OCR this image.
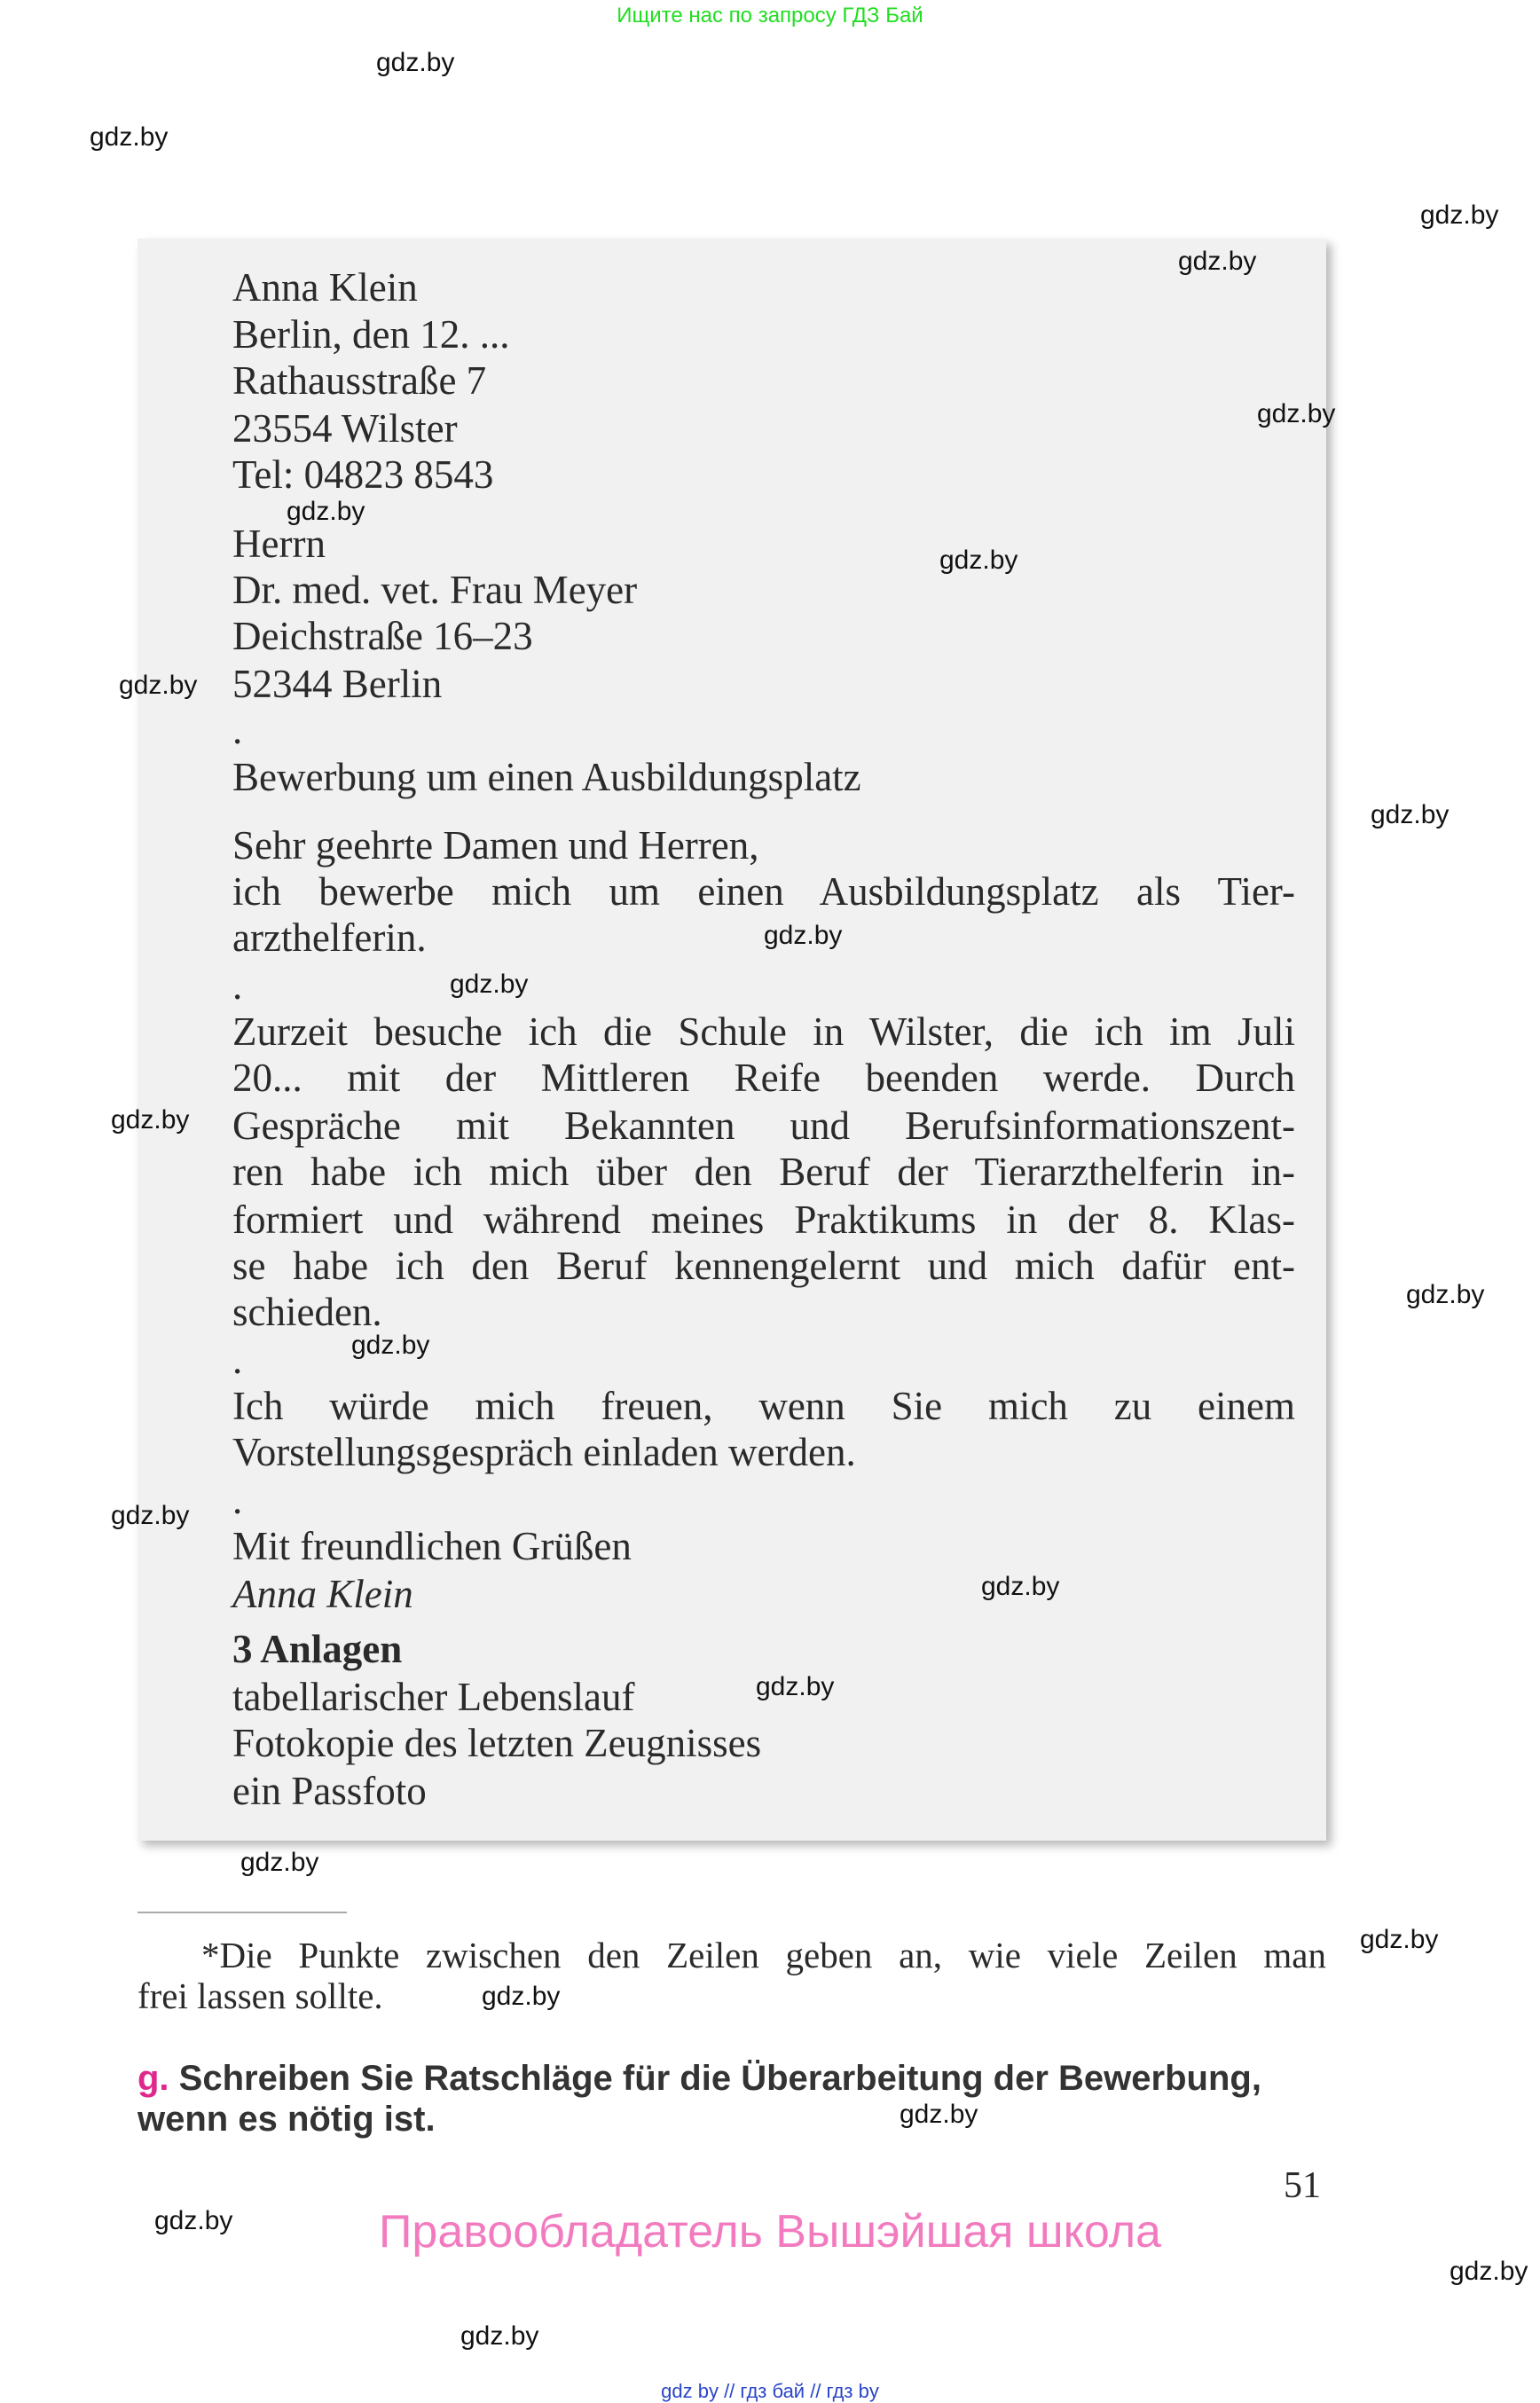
Ищите нас по запросу ГДЗ Бай
Anna Klein
Berlin, den 12. ...
Rathausstraße 7
23554 Wilster
Tel: 04823 8543
Herrn
Dr. med. vet. Frau Meyer
Deichstraße 16–23
52344 Berlin
.
Bewerbung um einen Ausbildungsplatz
Sehr geehrte Damen und Herren,
ich bewerbe mich um einen Ausbildungsplatz als Tier-
arzthelferin.
.
Zurzeit besuche ich die Schule in Wilster, die ich im Juli
20... mit der Mittleren Reife beenden werde. Durch
Gespräche mit Bekannten und Berufsinformationszent-
ren habe ich mich über den Beruf der Tierarzthelferin in-
formiert und während meines Praktikums in der 8. Klas-
se habe ich den Beruf kennengelernt und mich dafür ent-
schieden.
.
Ich würde mich freuen, wenn Sie mich zu einem
Vorstellungsgespräch einladen werden.
.
Mit freundlichen Grüßen
Anna Klein
3 Anlagen
tabellarischer Lebenslauf
Fotokopie des letzten Zeugnisses
ein Passfoto
*Die Punkte zwischen den Zeilen geben an, wie viele Zeilen man
frei lassen sollte.
g. Schreiben Sie Ratschläge für die Überarbeitung der Bewerbung,
wenn es nötig ist.
51
Правообладатель Вышэйшая школа
gdz by // гдз бай // гдз by
gdz.by
gdz.by
gdz.by
gdz.by
gdz.by
gdz.by
gdz.by
gdz.by
gdz.by
gdz.by
gdz.by
gdz.by
gdz.by
gdz.by
gdz.by
gdz.by
gdz.by
gdz.by
gdz.by
gdz.by
gdz.by
gdz.by
gdz.by
gdz.by
